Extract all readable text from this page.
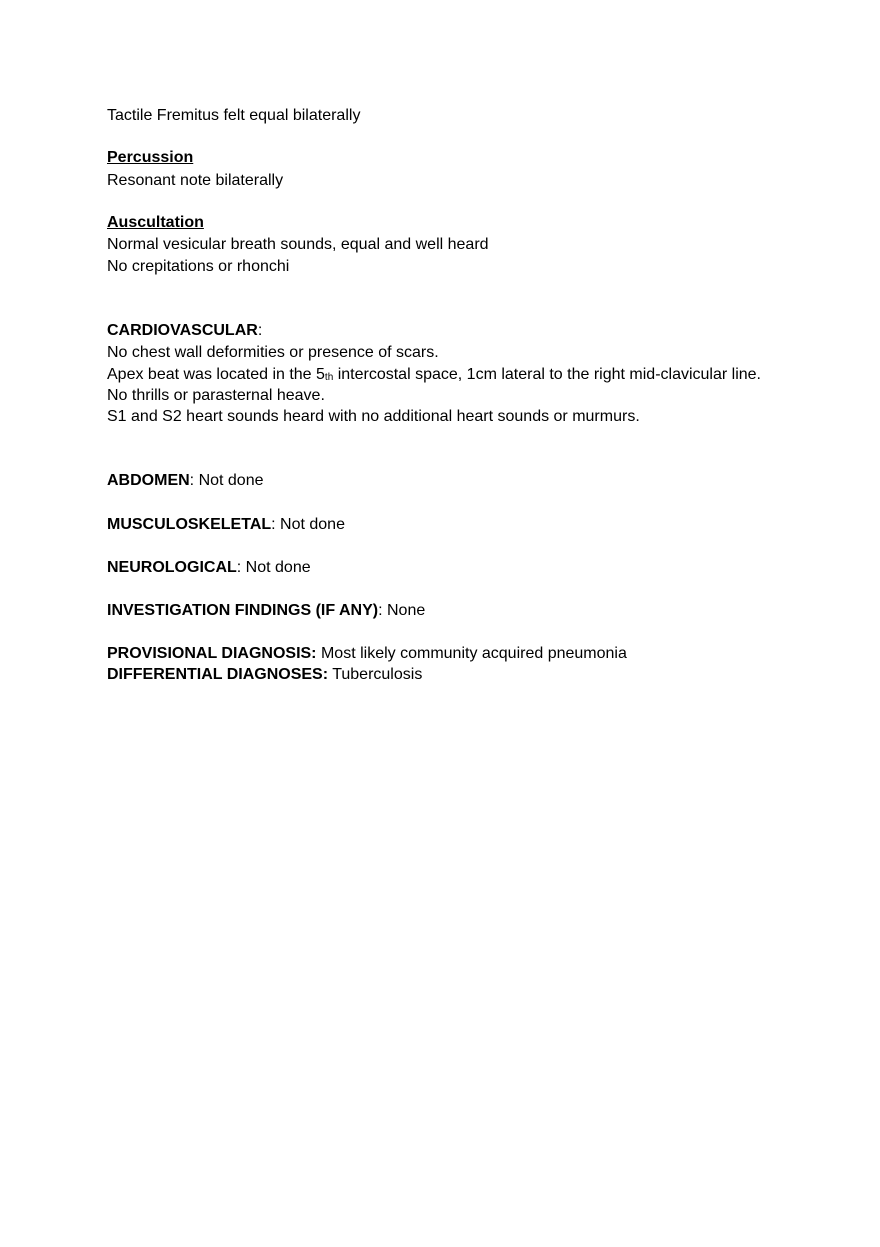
Tactile Fremitus felt equal bilaterally
Percussion
Resonant note bilaterally
Auscultation
Normal vesicular breath sounds, equal and well heard
No crepitations or rhonchi
CARDIOVASCULAR:
No chest wall deformities or presence of scars.
Apex beat was located in the $5_{th}$ intercostal space, 1cm lateral to the right mid-clavicular line.
No thrills or parasternal heave.
S1 and S2 heart sounds heard with no additional heart sounds or murmurs.
ABDOMEN: Not done
MUSCULOSKELETAL: Not done
NEUROLOGICAL: Not done
INVESTIGATION FINDINGS (IF ANY): None
PROVISIONAL DIAGNOSIS: Most likely community acquired pneumonia
DIFFERENTIAL DIAGNOSES: Tuberculosis
